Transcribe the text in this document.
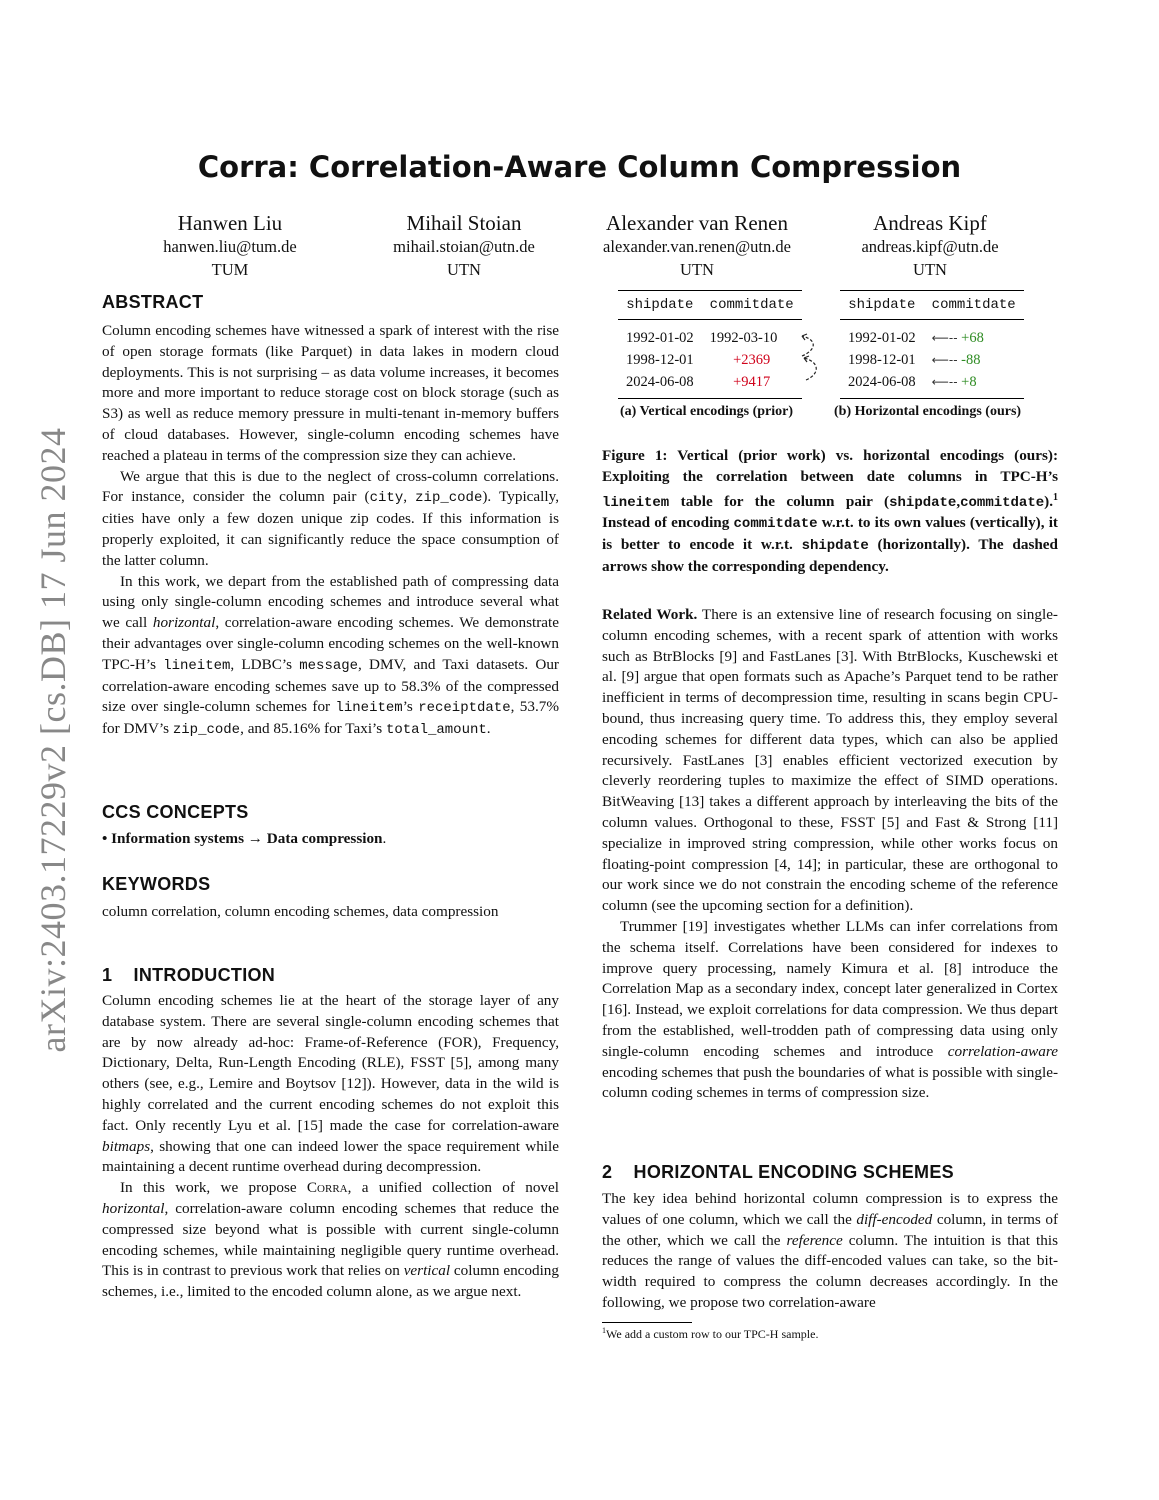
arXiv:2403.17229v2 [cs.DB] 17 Jun 2024
Corra: Correlation-Aware Column Compression
Hanwen Liu
hanwen.liu@tum.de
TUM
Mihail Stoian
mihail.stoian@utn.de
UTN
Alexander van Renen
alexander.van.renen@utn.de
UTN
Andreas Kipf
andreas.kipf@utn.de
UTN
ABSTRACT

Column encoding schemes have witnessed a spark of interest with the rise of open storage formats (like Parquet) in data lakes in modern cloud deployments. This is not surprising – as data volume increases, it becomes more and more important to reduce storage cost on block storage (such as S3) as well as reduce memory pressure in multi-tenant in-memory buffers of cloud databases. However, single-column encoding schemes have reached a plateau in terms of the compression size they can achieve.

We argue that this is due to the neglect of cross-column correlations. For instance, consider the column pair (city, zip_code). Typically, cities have only a few dozen unique zip codes. If this information is properly exploited, it can significantly reduce the space consumption of the latter column.

In this work, we depart from the established path of compressing data using only single-column encoding schemes and introduce several what we call horizontal, correlation-aware encoding schemes. We demonstrate their advantages over single-column encoding schemes on the well-known TPC-H’s lineitem, LDBC’s message, DMV, and Taxi datasets. Our correlation-aware encoding schemes save up to 58.3% of the compressed size over single-column schemes for lineitem’s receiptdate, 53.7% for DMV’s zip_code, and 85.16% for Taxi’s total_amount.

CCS CONCEPTS
• Information systems → Data compression.
KEYWORDS
column correlation, column encoding schemes, data compression
1    INTRODUCTION

Column encoding schemes lie at the heart of the storage layer of any database system. There are several single-column encoding schemes that are by now already ad-hoc: Frame-of-Reference (FOR), Frequency, Dictionary, Delta, Run-Length Encoding (RLE), FSST [5], among many others (see, e.g., Lemire and Boytsov [12]). However, data in the wild is highly correlated and the current encoding schemes do not exploit this fact. Only recently Lyu et al. [15] made the case for correlation-aware bitmaps, showing that one can indeed lower the space requirement while maintaining a decent runtime overhead during decompression.

In this work, we propose Corra, a unified collection of novel horizontal, correlation-aware column encoding schemes that reduce the compressed size beyond what is possible with current single-column encoding schemes, while maintaining negligible query runtime overhead. This is in contrast to previous work that relies on vertical column encoding schemes, i.e., limited to the encoded column alone, as we argue next.

shipdate	commitdate
1992-01-02	1992-03-10
1998-12-01	+2369
2024-06-08	+9417
shipdate	commitdate
1992-01-02	⟵-- +68
1998-12-01	⟵-- -88
2024-06-08	⟵-- +8
(a) Vertical encodings (prior)	(b) Horizontal encodings (ours)
Figure 1: Vertical (prior work) vs. horizontal encodings (ours): Exploiting the correlation between date columns in TPC-H’s lineitem table for the column pair (shipdate,commitdate).$^1$ Instead of encoding commitdate w.r.t. to its own values (vertically), it is better to encode it w.r.t. shipdate (horizontally). The dashed arrows show the corresponding dependency.

Related Work. There is an extensive line of research focusing on single-column encoding schemes, with a recent spark of attention with works such as BtrBlocks [9] and FastLanes [3]. With BtrBlocks, Kuschewski et al. [9] argue that open formats such as Apache’s Parquet tend to be rather inefficient in terms of decompression time, resulting in scans begin CPU-bound, thus increasing query time. To address this, they employ several encoding schemes for different data types, which can also be applied recursively. FastLanes [3] enables efficient vectorized execution by cleverly reordering tuples to maximize the effect of SIMD operations. BitWeaving [13] takes a different approach by interleaving the bits of the column values. Orthogonal to these, FSST [5] and Fast & Strong [11] specialize in improved string compression, while other works focus on floating-point compression [4, 14]; in particular, these are orthogonal to our work since we do not constrain the encoding scheme of the reference column (see the upcoming section for a definition).

Trummer [19] investigates whether LLMs can infer correlations from the schema itself. Correlations have been considered for indexes to improve query processing, namely Kimura et al. [8] introduce the Correlation Map as a secondary index, concept later generalized in Cortex [16]. Instead, we exploit correlations for data compression. We thus depart from the established, well-trodden path of compressing data using only single-column encoding schemes and introduce correlation-aware encoding schemes that push the boundaries of what is possible with single-column coding schemes in terms of compression size.

2    HORIZONTAL ENCODING SCHEMES

The key idea behind horizontal column compression is to express the values of one column, which we call the diff-encoded column, in terms of the other, which we call the reference column. The intuition is that this reduces the range of values the diff-encoded values can take, so the bit-width required to compress the column decreases accordingly. In the following, we propose two correlation-aware

$^1$We add a custom row to our TPC-H sample.
